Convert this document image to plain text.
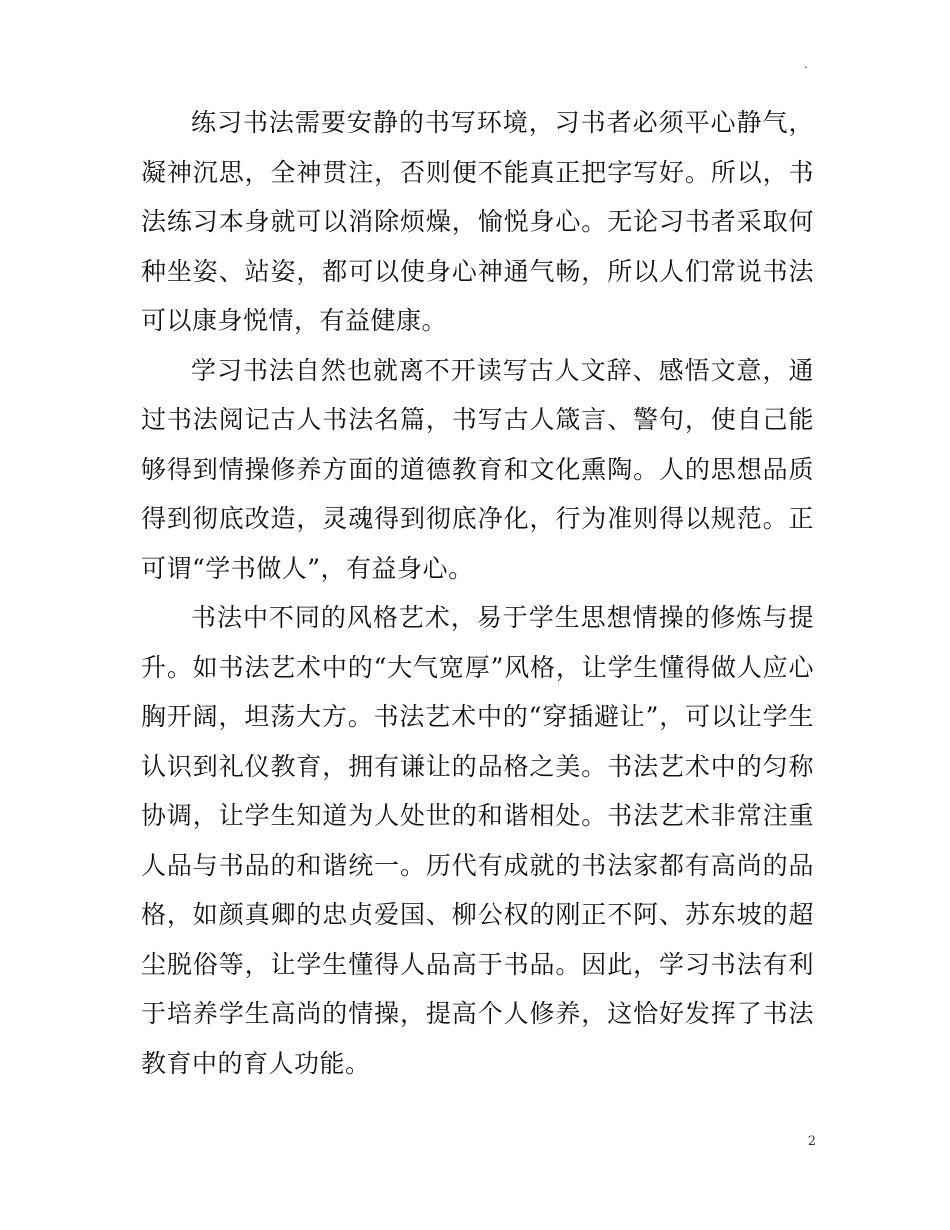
.

练习书法需要安静的书写环境，习书者必须平心静气，凝神沉思，全神贯注，否则便不能真正把字写好。所以，书法练习本身就可以消除烦燥，愉悦身心。无论习书者采取何种坐姿、站姿，都可以使身心神通气畅，所以人们常说书法可以康身悦情，有益健康。

学习书法自然也就离不开读写古人文辞、感悟文意，通过书法阅记古人书法名篇，书写古人箴言、警句，使自己能够得到情操修养方面的道德教育和文化熏陶。人的思想品质得到彻底改造，灵魂得到彻底净化，行为准则得以规范。正可谓“学书做人”，有益身心。

书法中不同的风格艺术，易于学生思想情操的修炼与提升。如书法艺术中的“大气宽厚”风格，让学生懂得做人应心胸开阔，坦荡大方。书法艺术中的“穿插避让”，可以让学生认识到礼仪教育，拥有谦让的品格之美。书法艺术中的匀称协调，让学生知道为人处世的和谐相处。书法艺术非常注重人品与书品的和谐统一。历代有成就的书法家都有高尚的品格，如颜真卿的忠贞爱国、柳公权的刚正不阿、苏东坡的超尘脱俗等，让学生懂得人品高于书品。因此，学习书法有利于培养学生高尚的情操，提高个人修养，这恰好发挥了书法教育中的育人功能。

2
